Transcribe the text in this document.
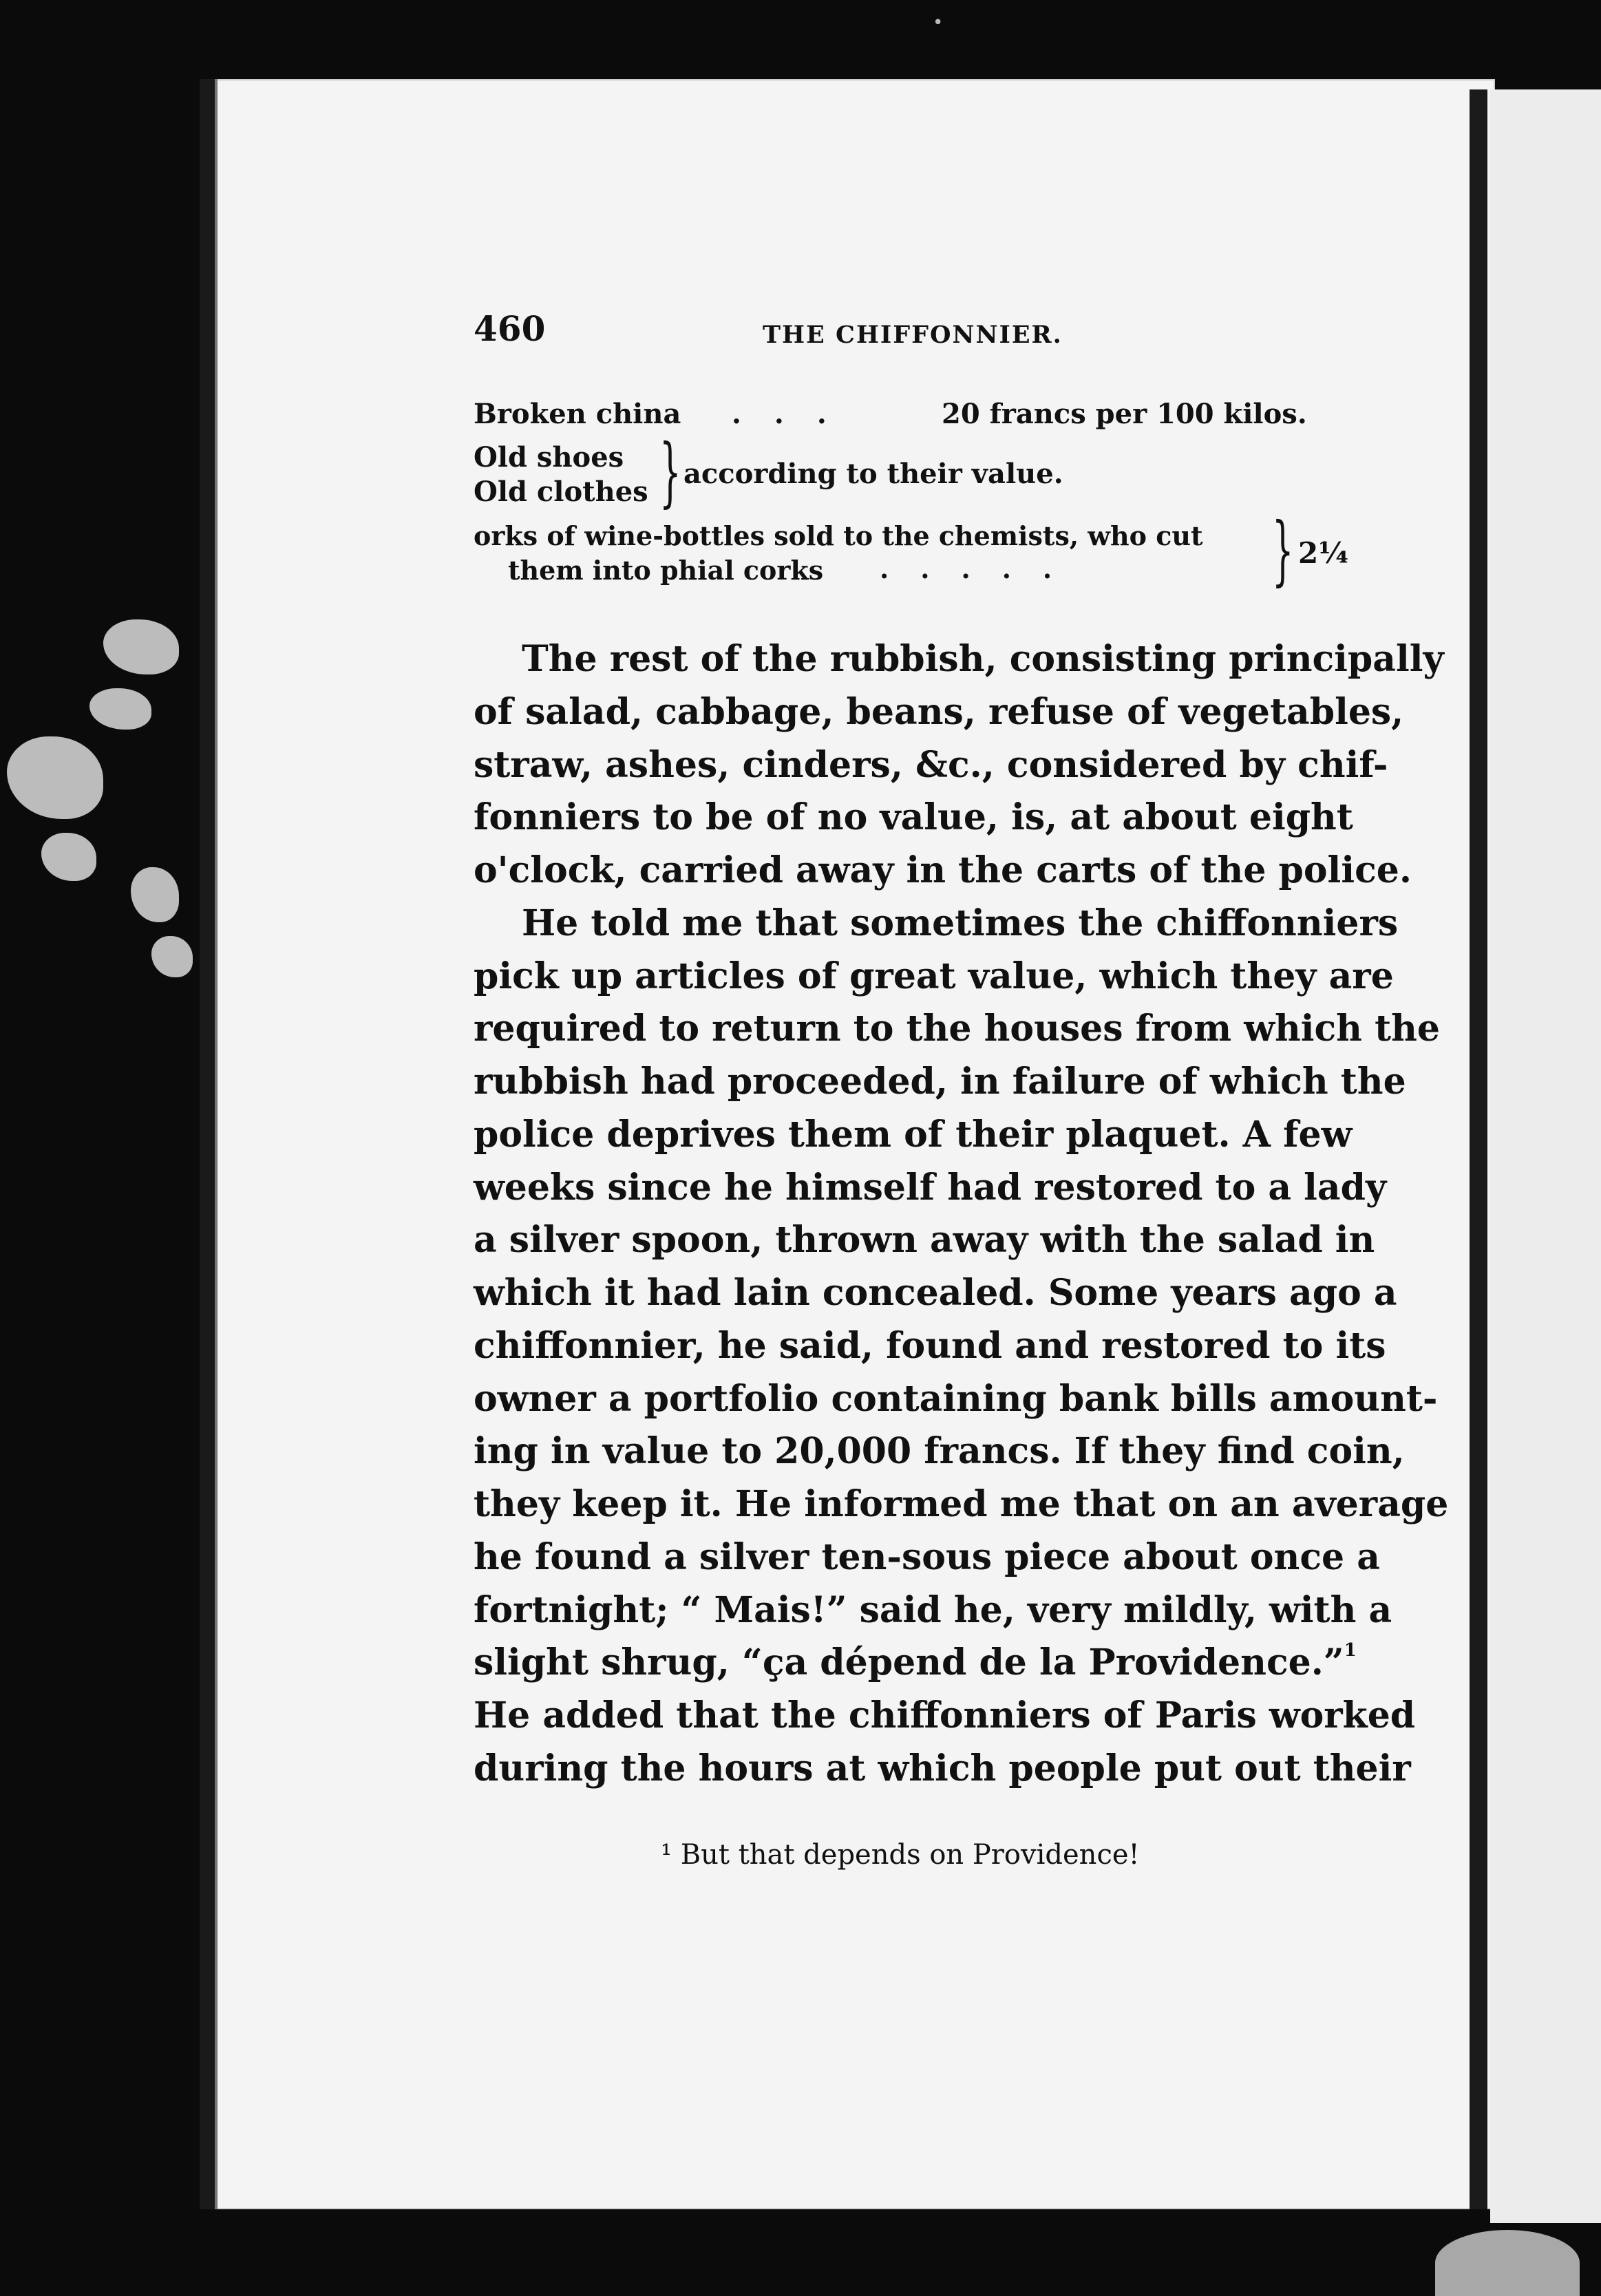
•
460	THE CHIFFONNIER.
Broken china ...	20 francs per 100 kilos.
Old shoes
Old clothes } according to their value.
orks of wine-bottles sold to the chemists, who cut
them into phial corks	..... } 2¼
The rest of the rubbish, consisting principally
of salad, cabbage, beans, refuse of vegetables,
straw, ashes, cinders, &c., considered by chif-
fonniers to be of no value, is, at about eight
o'clock, carried away in the carts of the police.
He told me that sometimes the chiffonniers
pick up articles of great value, which they are
required to return to the houses from which the
rubbish had proceeded, in failure of which the
police deprives them of their plaquet. A few
weeks since he himself had restored to a lady
a silver spoon, thrown away with the salad in
which it had lain concealed. Some years ago a
chiffonnier, he said, found and restored to its
owner a portfolio containing bank bills amount-
ing in value to 20,000 francs. If they find coin,
they keep it. He informed me that on an average
he found a silver ten-sous piece about once a
fortnight; “ Mais!” said he, very mildly, with a
slight shrug, “ça dépend de la Providence.”$^1$
He added that the chiffonniers of Paris worked
during the hours at which people put out their
¹ But that depends on Providence!
